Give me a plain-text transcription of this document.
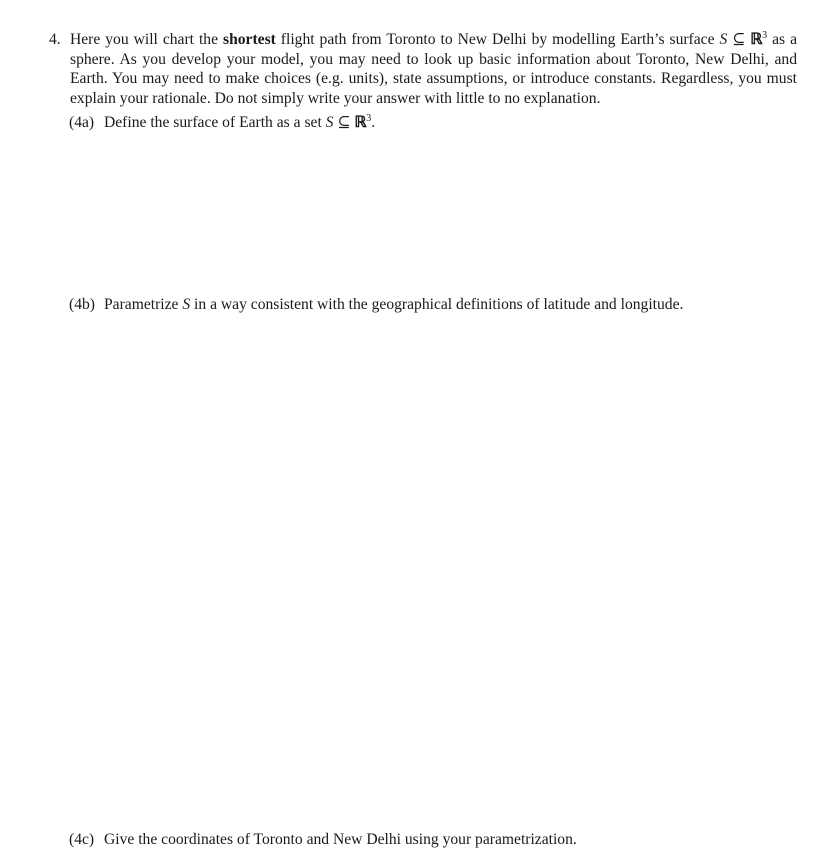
4. Here you will chart the shortest flight path from Toronto to New Delhi by modelling Earth’s surface S ⊆ ℝ$^3$ as a sphere. As you develop your model, you may need to look up basic information about Toronto, New Delhi, and Earth. You may need to make choices (e.g. units), state assumptions, or introduce constants. Regardless, you must explain your rationale. Do not simply write your answer with little to no explanation.

(4a) Define the surface of Earth as a set S ⊆ ℝ$^3$.
(4b) Parametrize S in a way consistent with the geographical definitions of latitude and longitude.
(4c) Give the coordinates of Toronto and New Delhi using your parametrization.
